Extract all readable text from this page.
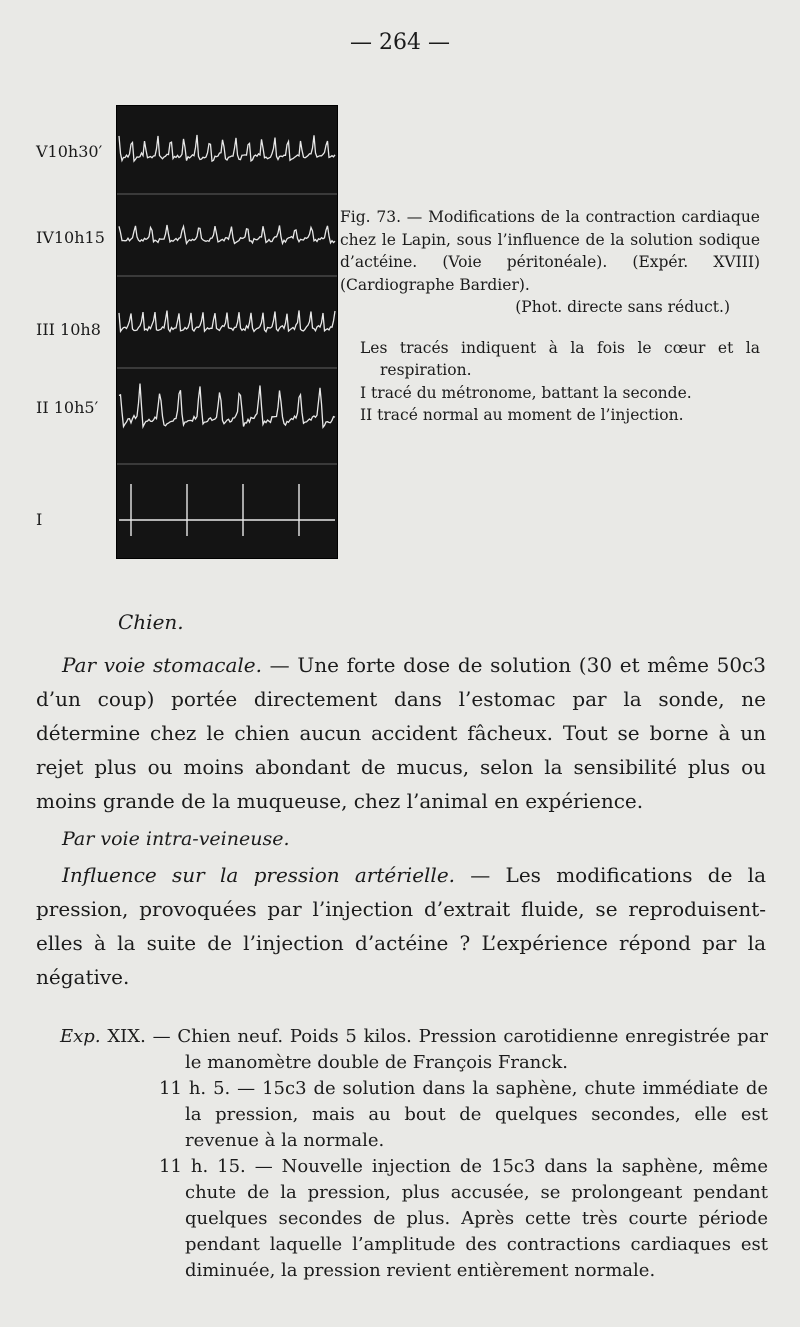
— 264 —
V10h30′
IV10h15
III 10h8
II 10h5′
I

Fig. 73. — Modifications de la contraction cardiaque chez le Lapin, sous l’influence de la solution sodique d’actéine. (Voie péritonéale). (Expér. XVIII) (Cardiographe Bardier).

(Phot. directe sans réduct.)

Les tracés indiquent à la fois le cœur et la respiration.

I tracé du métronome, battant la seconde.

II tracé normal au moment de l’injection.

Chien.

Par voie stomacale. — Une forte dose de solution (30 et même 50c3 d’un coup) portée directement dans l’estomac par la sonde, ne détermine chez le chien aucun accident fâcheux. Tout se borne à un rejet plus ou moins abondant de mucus, selon la sensibilité plus ou moins grande de la muqueuse, chez l’animal en expérience.

Par voie intra-veineuse.

Influence sur la pression artérielle. — Les modifications de la pression, provoquées par l’injection d’extrait fluide, se reproduisent-elles à la suite de l’injection d’actéine ? L’expérience répond par la négative.

Exp. XIX. — Chien neuf. Poids 5 kilos. Pression carotidienne enregistrée par le manomètre double de François Franck.

11 h. 5. — 15c3 de solution dans la saphène, chute immédiate de la pression, mais au bout de quelques secondes, elle est revenue à la normale.

11 h. 15. — Nouvelle injection de 15c3 dans la saphène, même chute de la pression, plus accusée, se prolongeant pendant quelques secondes de plus. Après cette très courte période pendant laquelle l’amplitude des contractions cardiaques est diminuée, la pression revient entièrement normale.
